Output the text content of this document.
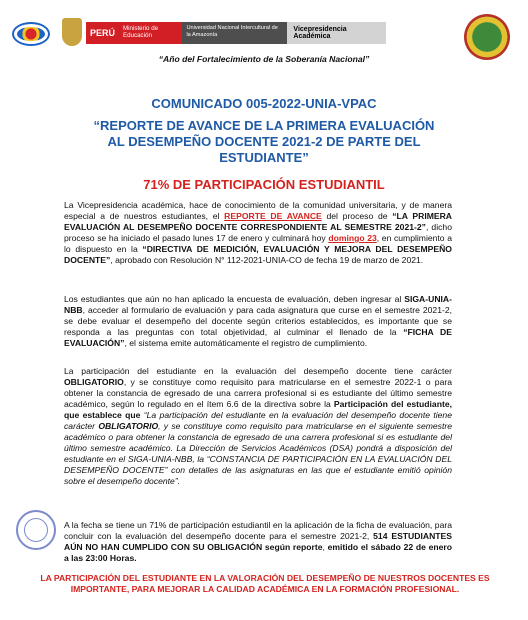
PERÚ	Ministerio de Educación
Universidad Nacional Intercultural de la Amazonía
Vicepresidencia Académica
“Año del Fortalecimiento de la Soberanía Nacional”
COMUNICADO 005-2022-UNIA-VPAC
“REPORTE DE AVANCE DE LA PRIMERA EVALUACIÓN
AL DESEMPEÑO DOCENTE 2021-2 DE PARTE DEL
ESTUDIANTE”
71% DE PARTICIPACIÓN ESTUDIANTIL
La Vicepresidencia académica, hace de conocimiento de la comunidad universitaria, y de manera especial a de nuestros estudiantes, el REPORTE DE AVANCE del proceso de “LA PRIMERA EVALUACIÓN AL DESEMPEÑO DOCENTE CORRESPONDIENTE AL SEMESTRE 2021-2”, dicho proceso se ha iniciado el pasado lunes 17 de enero y culminará hoy domingo 23, en cumplimiento a lo dispuesto en la “DIRECTIVA DE MEDICIÓN, EVALUACIÓN Y MEJORA DEL DESEMPEÑO DOCENTE”, aprobado con Resolución N° 112-2021-UNIA-CO de fecha 19 de marzo de 2021.
Los estudiantes que aún no han aplicado la encuesta de evaluación, deben ingresar al SIGA-UNIA-NBB, acceder al formulario de evaluación y para cada asignatura que curse en el semestre 2021-2, se debe evaluar el desempeño del docente según criterios establecidos, es importante que se responda a las preguntas con total objetividad, al culminar el llenado de la “FICHA DE EVALUACIÓN”, el sistema emite automáticamente el registro de cumplimiento.
La participación del estudiante en la evaluación del desempeño docente tiene carácter OBLIGATORIO, y se constituye como requisito para matricularse en el semestre 2022-1 o para obtener la constancia de egresado de una carrera profesional si es estudiante del último semestre académico, según lo regulado en el ítem 6.6 de la directiva sobre la Participación del estudiante, que establece que “La participación del estudiante en la evaluación del desempeño docente tiene carácter OBLIGATORIO, y se constituye como requisito para matricularse en el siguiente semestre académico o para obtener la constancia de egresado de una carrera profesional si es estudiante del último semestre académico. La Dirección de Servicios Académicos (DSA) pondrá a disposición del estudiante en el SIGA-UNIA-NBB, la “CONSTANCIA DE PARTICIPACIÓN EN LA EVALUACIÓN DEL DESEMPEÑO DOCENTE” con detalles de las asignaturas en las que el estudiante emitió opinión sobre el desempeño docente”.
A la fecha se tiene un 71% de participación estudiantil en la aplicación de la ficha de evaluación, para concluir con la evaluación del desempeño docente para el semestre 2021-2, 514 ESTUDIANTES AÚN NO HAN CUMPLIDO CON SU OBLIGACIÓN según reporte, emitido el sábado 22 de enero a las 23:00 Horas.
LA PARTICIPACIÓN DEL ESTUDIANTE EN LA VALORACIÓN DEL DESEMPEÑO DE NUESTROS DOCENTES ES IMPORTANTE, PARA MEJORAR LA CALIDAD ACADÉMICA EN LA FORMACIÓN PROFESIONAL.
